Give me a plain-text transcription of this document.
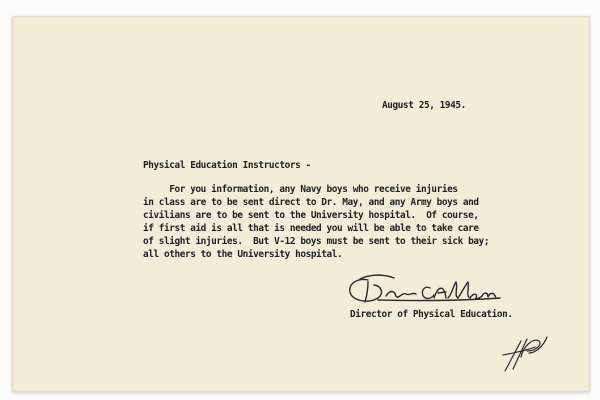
August 25, 1945.
Physical Education Instructors -
For you information, any Navy boys who receive injuries
in class are to be sent direct to Dr. May, and any Army boys and
civilians are to be sent to the University hospital.  Of course,
if first aid is all that is needed you will be able to take care
of slight injuries.  But V-12 boys must be sent to their sick bay;
all others to the University hospital.
Director of Physical Education.
